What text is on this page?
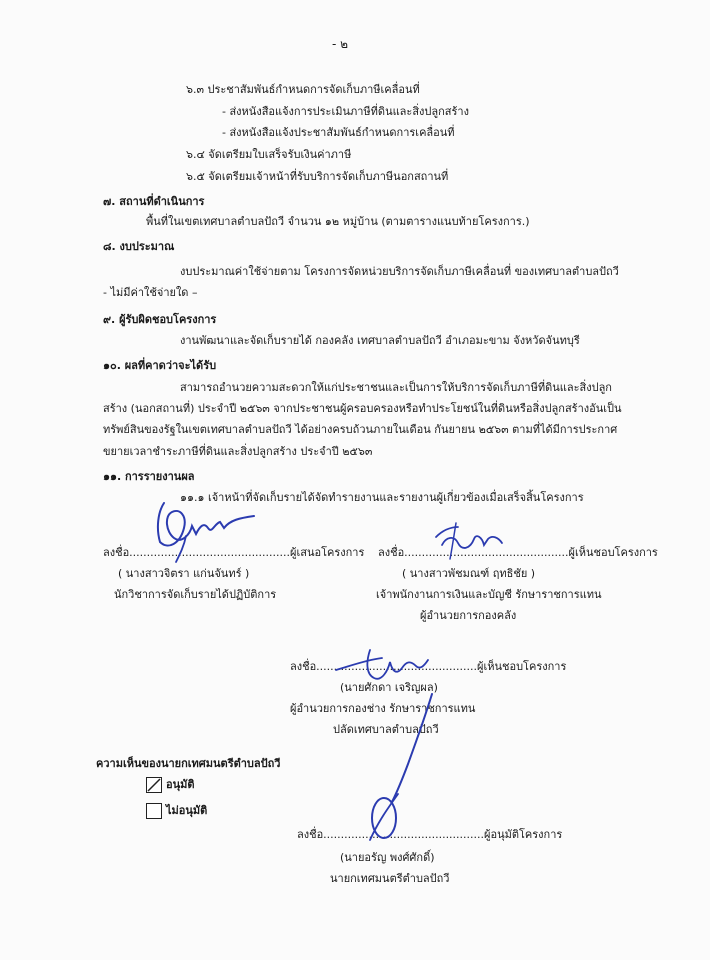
- ๒
๖.๓ ประชาสัมพันธ์กำหนดการจัดเก็บภาษีเคลื่อนที่
- ส่งหนังสือแจ้งการประเมินภาษีที่ดินและสิ่งปลูกสร้าง
- ส่งหนังสือแจ้งประชาสัมพันธ์กำหนดการเคลื่อนที่
๖.๔ จัดเตรียมใบเสร็จรับเงินค่าภาษี
๖.๕ จัดเตรียมเจ้าหน้าที่รับบริการจัดเก็บภาษีนอกสถานที่
๗. สถานที่ดำเนินการ
พื้นที่ในเขตเทศบาลตำบลปัถวี จำนวน ๑๒ หมู่บ้าน (ตามตารางแนบท้ายโครงการ.)
๘. งบประมาณ
งบประมาณค่าใช้จ่ายตาม โครงการจัดหน่วยบริการจัดเก็บภาษีเคลื่อนที่ ของเทศบาลตำบลปัถวี
- ไม่มีค่าใช้จ่ายใด –
๙. ผู้รับผิดชอบโครงการ
งานพัฒนาและจัดเก็บรายได้ กองคลัง เทศบาลตำบลปัถวี อำเภอมะขาม จังหวัดจันทบุรี
๑๐. ผลที่คาดว่าจะได้รับ
สามารถอำนวยความสะดวกให้แก่ประชาชนและเป็นการให้บริการจัดเก็บภาษีที่ดินและสิ่งปลูก
สร้าง (นอกสถานที่) ประจำปี ๒๕๖๓ จากประชาชนผู้ครอบครองหรือทำประโยชน์ในที่ดินหรือสิ่งปลูกสร้างอันเป็น
ทรัพย์สินของรัฐในเขตเทศบาลตำบลปัถวี ได้อย่างครบถ้วนภายในเดือน กันยายน ๒๕๖๓ ตามที่ได้มีการประกาศ
ขยายเวลาชำระภาษีที่ดินและสิ่งปลูกสร้าง ประจำปี ๒๕๖๓
๑๑. การรายงานผล
๑๑.๑ เจ้าหน้าที่จัดเก็บรายได้จัดทำรายงานและรายงานผู้เกี่ยวข้องเมื่อเสร็จสิ้นโครงการ
ลงชื่อ..............................................ผู้เสนอโครงการ
( นางสาวจิตรา แก่นจันทร์ )
นักวิชาการจัดเก็บรายได้ปฏิบัติการ
ลงชื่อ...............................................ผู้เห็นชอบโครงการ
( นางสาวพัชมณฑ์ ฤทธิชัย )
เจ้าพนักงานการเงินและบัญชี รักษาราชการแทน
ผู้อำนวยการกองคลัง
ลงชื่อ..............................................ผู้เห็นชอบโครงการ
(นายศักดา เจริญผล)
ผู้อำนวยการกองช่าง รักษาราชการแทน
ปลัดเทศบาลตำบลปัถวี
ความเห็นของนายกเทศมนตรีตำบลปัถวี
อนุมัติ
ไม่อนุมัติ
ลงชื่อ..............................................ผู้อนุมัติโครงการ
(นายอรัญ พงศ์ศักดิ์)
นายกเทศมนตรีตำบลปัถวี
